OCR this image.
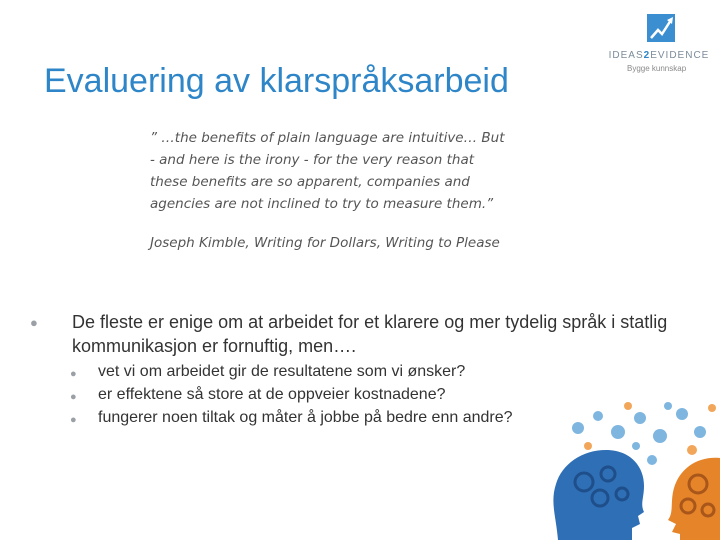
Evaluering av klarspråksarbeid
IDEAS2EVIDENCE
Bygge kunnskap
” …the benefits of plain language are intuitive… But
- and here is the irony - for the very reason that
these benefits are so apparent, companies and
agencies are not inclined to try to measure them.”
Joseph Kimble, Writing for Dollars, Writing to Please
● De fleste er enige om at arbeidet for et klarere og mer tydelig språk i statlig kommunikasjon er fornuftig, men….
● vet vi om arbeidet gir de resultatene som vi ønsker?
● er effektene så store at de oppveier kostnadene?
● fungerer noen tiltak og måter å jobbe på bedre enn andre?
